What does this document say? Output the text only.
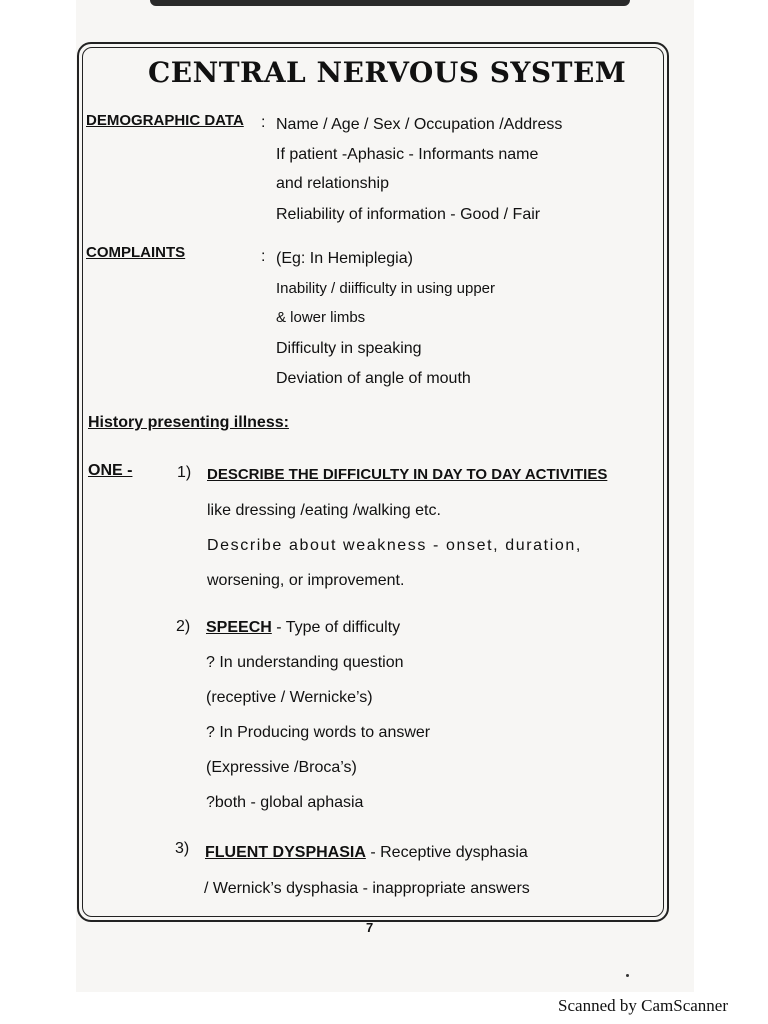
CENTRAL NERVOUS SYSTEM
DEMOGRAPHIC DATA : Name / Age / Sex / Occupation /Address
If patient -Aphasic - Informants name
and relationship
Reliability of information - Good / Fair
COMPLAINTS	: (Eg: In Hemiplegia)
Inability / diifficulty in using upper
& lower limbs
Difficulty in speaking
Deviation of angle of mouth
History presenting illness:
ONE -	1) DESCRIBE THE DIFFICULTY IN DAY TO DAY ACTIVITIES
like dressing /eating /walking etc.
Describe about weakness - onset, duration,
worsening, or improvement.
2) SPEECH - Type of difficulty
? In understanding question
(receptive / Wernicke’s)
? In Producing words to answer
(Expressive /Broca’s)
?both - global aphasia
3) FLUENT DYSPHASIA - Receptive dysphasia
/ Wernick’s dysphasia - inappropriate answers
7
Scanned by CamScanner
